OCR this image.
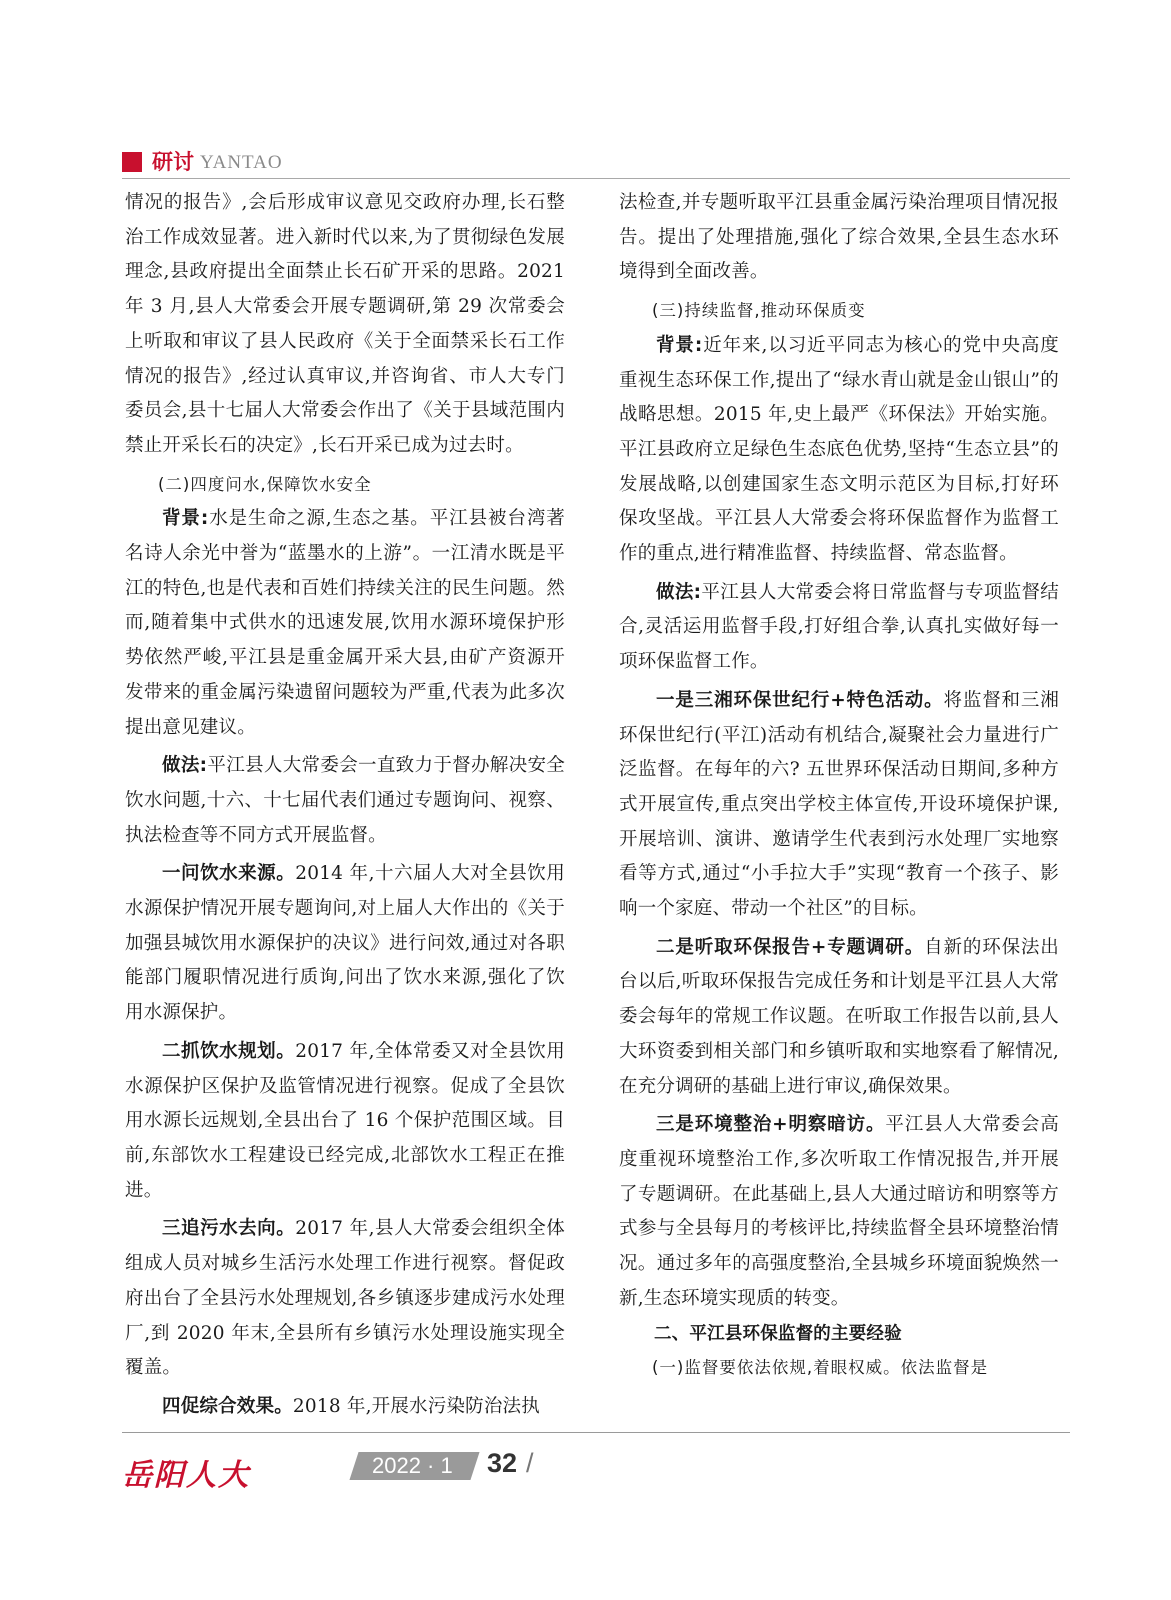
研讨 YANTAO

情况的报告》,会后形成审议意见交政府办理,长石整治工作成效显著。进入新时代以来,为了贯彻绿色发展理念,县政府提出全面禁止长石矿开采的思路。2021 年 3 月,县人大常委会开展专题调研,第 29 次常委会上听取和审议了县人民政府《关于全面禁采长石工作情况的报告》,经过认真审议,并咨询省、市人大专门委员会,县十七届人大常委会作出了《关于县域范围内禁止开采长石的决定》,长石开采已成为过去时。

(二)四度问水,保障饮水安全

背景:水是生命之源,生态之基。平江县被台湾著名诗人余光中誉为“蓝墨水的上游”。一江清水既是平江的特色,也是代表和百姓们持续关注的民生问题。然而,随着集中式供水的迅速发展,饮用水源环境保护形势依然严峻,平江县是重金属开采大县,由矿产资源开发带来的重金属污染遗留问题较为严重,代表为此多次提出意见建议。

做法:平江县人大常委会一直致力于督办解决安全饮水问题,十六、十七届代表们通过专题询问、视察、执法检查等不同方式开展监督。

一问饮水来源。2014 年,十六届人大对全县饮用水源保护情况开展专题询问,对上届人大作出的《关于加强县城饮用水源保护的决议》进行问效,通过对各职能部门履职情况进行质询,问出了饮水来源,强化了饮用水源保护。

二抓饮水规划。2017 年,全体常委又对全县饮用水源保护区保护及监管情况进行视察。促成了全县饮用水源长远规划,全县出台了 16 个保护范围区域。目前,东部饮水工程建设已经完成,北部饮水工程正在推进。

三追污水去向。2017 年,县人大常委会组织全体组成人员对城乡生活污水处理工作进行视察。督促政府出台了全县污水处理规划,各乡镇逐步建成污水处理厂,到 2020 年末,全县所有乡镇污水处理设施实现全覆盖。

四促综合效果。2018 年,开展水污染防治法执

法检查,并专题听取平江县重金属污染治理项目情况报告。提出了处理措施,强化了综合效果,全县生态水环境得到全面改善。

(三)持续监督,推动环保质变

背景:近年来,以习近平同志为核心的党中央高度重视生态环保工作,提出了“绿水青山就是金山银山”的战略思想。2015 年,史上最严《环保法》开始实施。平江县政府立足绿色生态底色优势,坚持“生态立县”的发展战略,以创建国家生态文明示范区为目标,打好环保攻坚战。平江县人大常委会将环保监督作为监督工作的重点,进行精准监督、持续监督、常态监督。

做法:平江县人大常委会将日常监督与专项监督结合,灵活运用监督手段,打好组合拳,认真扎实做好每一项环保监督工作。

一是三湘环保世纪行+特色活动。将监督和三湘环保世纪行(平江)活动有机结合,凝聚社会力量进行广泛监督。在每年的六? 五世界环保活动日期间,多种方式开展宣传,重点突出学校主体宣传,开设环境保护课,开展培训、演讲、邀请学生代表到污水处理厂实地察看等方式,通过“小手拉大手”实现“教育一个孩子、影响一个家庭、带动一个社区”的目标。

二是听取环保报告+专题调研。自新的环保法出台以后,听取环保报告完成任务和计划是平江县人大常委会每年的常规工作议题。在听取工作报告以前,县人大环资委到相关部门和乡镇听取和实地察看了解情况,在充分调研的基础上进行审议,确保效果。

三是环境整治+明察暗访。平江县人大常委会高度重视环境整治工作,多次听取工作情况报告,并开展了专题调研。在此基础上,县人大通过暗访和明察等方式参与全县每月的考核评比,持续监督全县环境整治情况。通过多年的高强度整治,全县城乡环境面貌焕然一新,生态环境实现质的转变。

二、平江县环保监督的主要经验

(一)监督要依法依规,着眼权威。依法监督是

岳阳人大	2022 · 1	32 /
